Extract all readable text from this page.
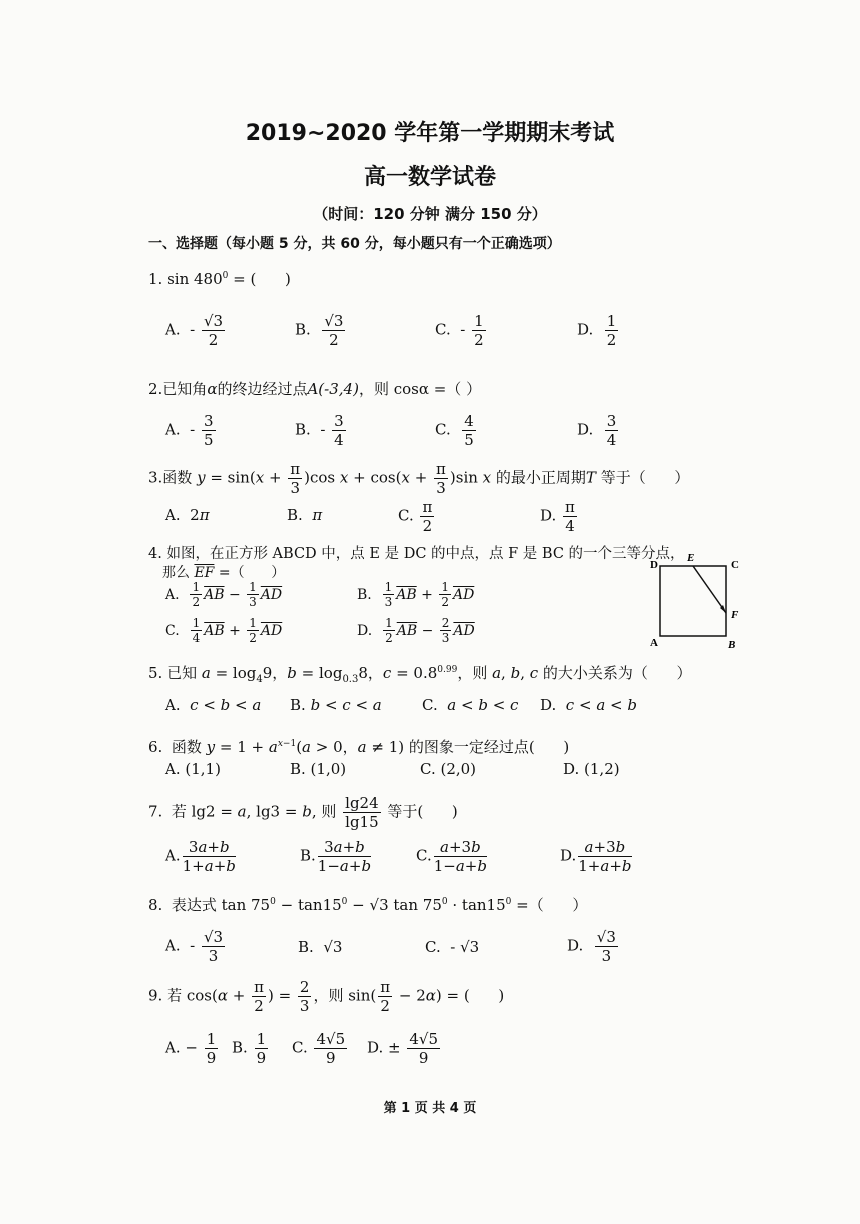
2019~2020 学年第一学期期末考试
高一数学试卷
（时间：120 分钟 满分 150 分）
一、选择题（每小题 5 分，共 60 分，每小题只有一个正确选项）
1. $\sin 480^0$ = (      )
A.  - $\frac{√3}{2}$	B. $\frac{√3}{2}$	C.  - $\frac{1}{2}$	D. $\frac{1}{2}$
2.已知角α的终边经过点A(-3,4)，则 cosα =（ ）
A.  - $\frac{3}{5}$	B.  - $\frac{3}{4}$	C. $\frac{4}{5}$	D. $\frac{3}{4}$
3.函数 $y = \sin(x + \frac{\pi}{3} )\cos$ $x + \cos(x + \frac{\pi}{3} )\sin$ x 的最小正周期T 等于（      ）
A.  2π	B.  π	C. $\frac{\pi}{2}$	D. $\frac{\pi}{4}$
4. 如图，在正方形 ABCD 中，点 E 是 DC 的中点，点 F 是 BC 的一个三等分点，
那么 $\overline{EF}$ =（      ）
A. $\frac{1}{2} \overline{AB} - \frac{1}{3} \overline{AD}$	B. $\frac{1}{3} \overline{AB} + \frac{1}{2} \overline{AD}$
C. $\frac{1}{4} \overline{AB} + \frac{1}{2} \overline{AD}$	D. $\frac{1}{2} \overline{AB} - \frac{2}{3} \overline{AD}$
D
E
C
F
A	B
5. 已知 $a = \log_49$，$b = \log_{0.3}8$，$c = 0.8^{0.99}$，则 a, b, c 的大小关系为（      ）
A.  c < b < a B. b < c < a	C.  a < b < c D.  c < a < b
6.  函数 $y = 1 + a^{x-1}(a > 0$，a ≠ 1) 的图象一定经过点(      )
A. (1,1)	B. (1,0)	C. (2,0)	D. (1,2)
7.  若 lg2 = a, lg3 = b, 则 $\frac{\lg 24}{\lg 15}$ 等于(      )
A. $\frac{3a+b}{1+a+b}$	B. $\frac{3a+b}{1-a+b}$	C. $\frac{a+3b}{1-a+b}$	D. $\frac{a+3b}{1+a+b}$
8.  表达式 $\tan 75^0 - \tan 15^0 - √3$ $\tan 75^0 \cdot \tan 15^0$ =（      ）
A.  - $\frac{√3}{3}$	B.  √3	C.  - √3	D. $\frac{√3}{3}$
9. 若 $\cos(\alpha + \frac{\pi}{2}$ ) = $\frac{2}{3}$ ，则 $\sin( \frac{\pi}{2} - 2\alpha)$ = (      )
A. − $\frac{1}{9} B$. $\frac{1}{9} C$. $\frac{4√5}{9} D$. ± $\frac{4√5}{9}$
第 1 页 共 4 页
